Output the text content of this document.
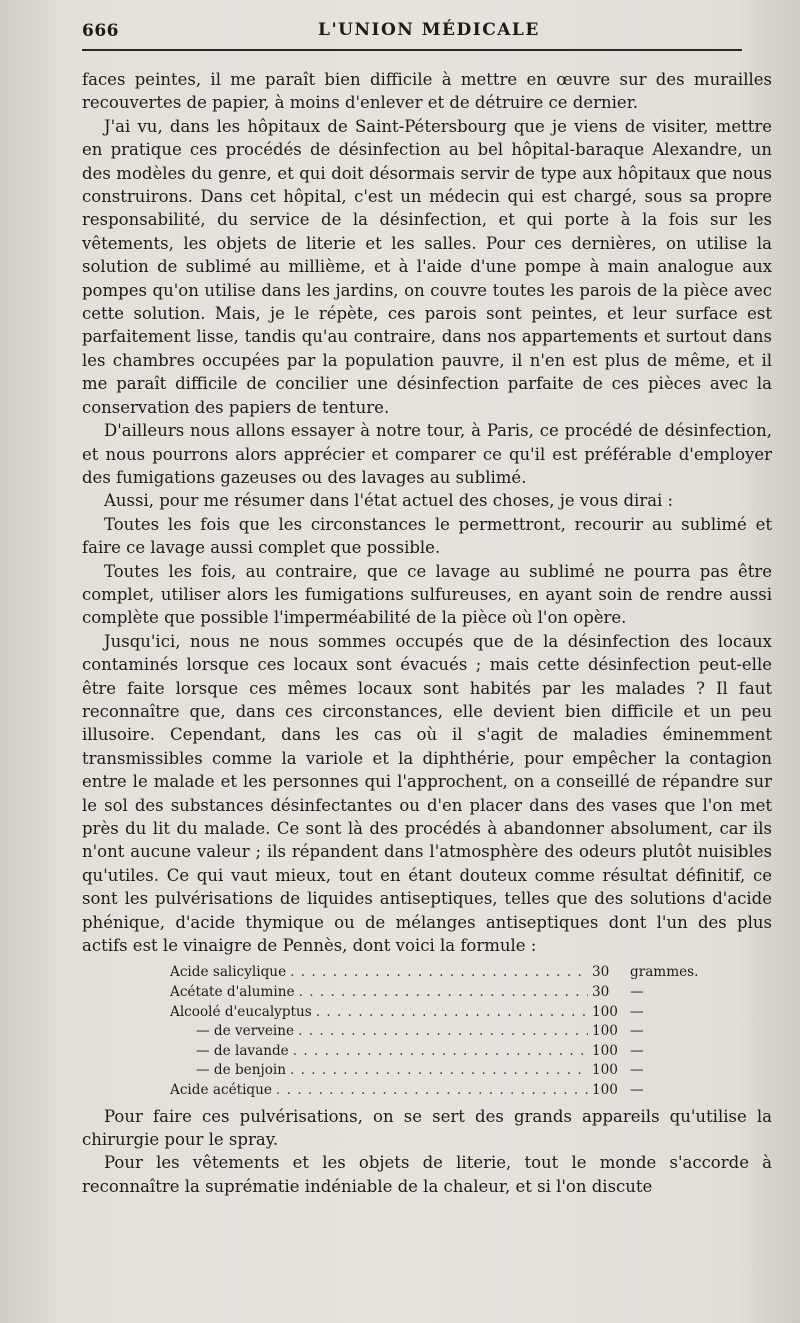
666	L'UNION MÉDICALE

faces peintes, il me paraît bien difficile à mettre en œuvre sur des murailles recouvertes de papier, à moins d'enlever et de détruire ce dernier.

J'ai vu, dans les hôpitaux de Saint-Pétersbourg que je viens de visiter, mettre en pratique ces procédés de désinfection au bel hôpital-baraque Alexandre, un des modèles du genre, et qui doit désormais servir de type aux hôpitaux que nous construirons. Dans cet hôpital, c'est un médecin qui est chargé, sous sa propre responsabilité, du service de la désinfection, et qui porte à la fois sur les vêtements, les objets de literie et les salles. Pour ces dernières, on utilise la solution de sublimé au millième, et à l'aide d'une pompe à main analogue aux pompes qu'on utilise dans les jardins, on couvre toutes les parois de la pièce avec cette solution. Mais, je le répète, ces parois sont peintes, et leur surface est parfaitement lisse, tandis qu'au contraire, dans nos appartements et surtout dans les chambres occupées par la population pauvre, il n'en est plus de même, et il me paraît difficile de concilier une désinfection parfaite de ces pièces avec la conservation des papiers de tenture.

D'ailleurs nous allons essayer à notre tour, à Paris, ce procédé de désinfection, et nous pourrons alors apprécier et comparer ce qu'il est préférable d'employer des fumigations gazeuses ou des lavages au sublimé.

Aussi, pour me résumer dans l'état actuel des choses, je vous dirai :

Toutes les fois que les circonstances le permettront, recourir au sublimé et faire ce lavage aussi complet que possible.

Toutes les fois, au contraire, que ce lavage au sublimé ne pourra pas être complet, utiliser alors les fumigations sulfureuses, en ayant soin de rendre aussi complète que possible l'imperméabilité de la pièce où l'on opère.

Jusqu'ici, nous ne nous sommes occupés que de la désinfection des locaux contaminés lorsque ces locaux sont évacués ; mais cette désinfection peut-elle être faite lorsque ces mêmes locaux sont habités par les malades ? Il faut reconnaître que, dans ces circonstances, elle devient bien difficile et un peu illusoire. Cependant, dans les cas où il s'agit de maladies éminemment transmissibles comme la variole et la diphthérie, pour empêcher la contagion entre le malade et les personnes qui l'approchent, on a conseillé de répandre sur le sol des substances désinfectantes ou d'en placer dans des vases que l'on met près du lit du malade. Ce sont là des procédés à abandonner absolument, car ils n'ont aucune valeur ; ils répandent dans l'atmosphère des odeurs plutôt nuisibles qu'utiles. Ce qui vaut mieux, tout en étant douteux comme résultat définitif, ce sont les pulvérisations de liquides antiseptiques, telles que des solutions d'acide phénique, d'acide thymique ou de mélanges antiseptiques dont l'un des plus actifs est le vinaigre de Pennès, dont voici la formule :

Acide salicylique . . .	30	grammes.
Acétate d'alumine . . .	30	—
Alcoolé d'eucalyptus . . .	100 —
— de verveine . . .	100 —
— de lavande . . .	100 —
— de benjoin . . .	100 —
Acide acétique . . .	100 —

Pour faire ces pulvérisations, on se sert des grands appareils qu'utilise la chirurgie pour le spray.

Pour les vêtements et les objets de literie, tout le monde s'accorde à reconnaître la suprématie indéniable de la chaleur, et si l'on discute
